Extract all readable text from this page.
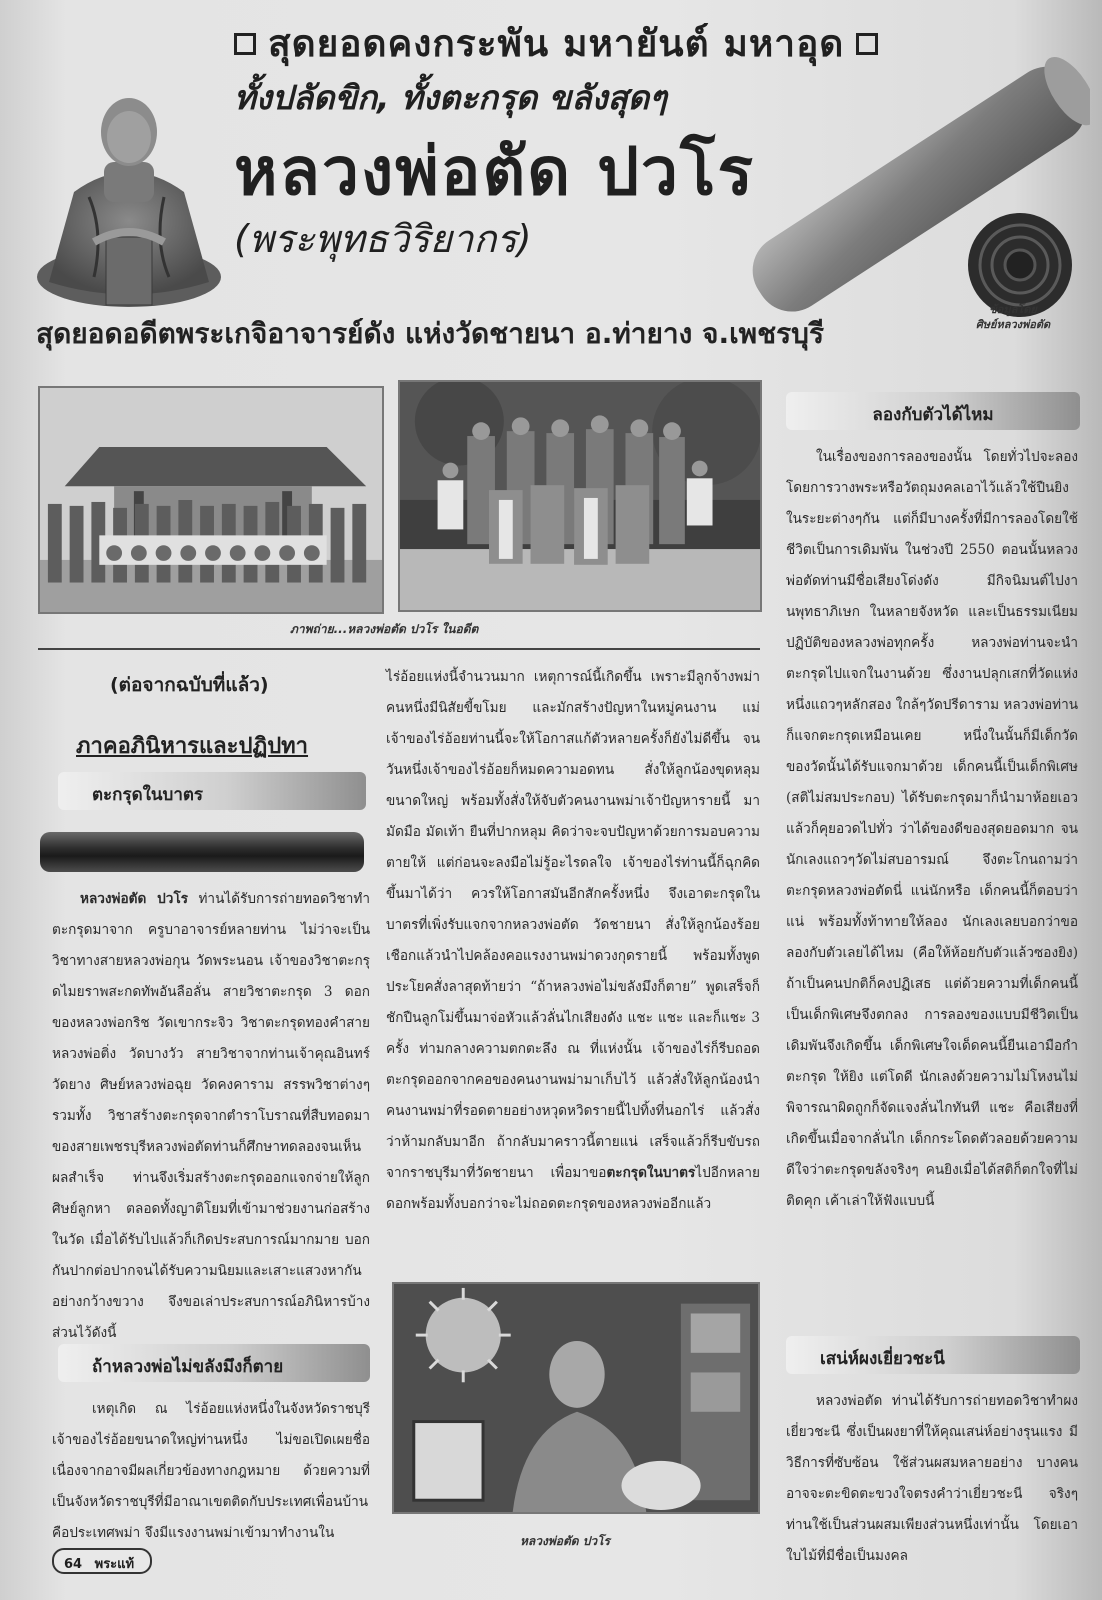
สุดยอดคงกระพัน มหายันต์ มหาอุด
ทั้งปลัดขิก, ทั้งตะกรุด ขลังสุดๆ
หลวงพ่อตัด ปวโร
(พระพุทธวิริยากร)
สุดยอดอดีตพระเกจิอาจารย์ดัง แห่งวัดชายนา อ.ท่ายาง จ.เพชรบุรี
ข้อมูลโดย
ศิษย์หลวงพ่อตัด
ภาพถ่าย...หลวงพ่อตัด ปวโร ในอดีต
ลองกับตัวได้ไหม
(ต่อจากฉบับที่แล้ว)
ภาคอภินิหารและปฏิปทา
ตะกรุดในบาตร
หลวงพ่อตัด ปวโร ท่านได้รับการถ่ายทอดวิชาทำตะกรุดมาจาก ครูบาอาจารย์หลายท่าน ไม่ว่าจะเป็นวิชาทางสายหลวงพ่อกุน วัดพระนอน เจ้าของวิชาตะกรุดไมยราพสะกดทัพอันลือลั่น สายวิชาตะกรุด 3 ดอก ของหลวงพ่อกริช วัดเขากระจิว วิชาตะกรุดทองคำสายหลวงพ่อติ่ง วัดบางวัว สายวิชาจากท่านเจ้าคุณอินทร์ วัดยาง ศิษย์หลวงพ่อฉุย วัดคงคาราม สรรพวิชาต่างๆรวมทั้ง วิชาสร้างตะกรุดจากตำราโบราณที่สืบทอดมาของสายเพชรบุรีหลวงพ่อตัดท่านก็ศึกษาทดลองจนเห็นผลสำเร็จ ท่านจึงเริ่มสร้างตะกรุดออกแจกจ่ายให้ลูกศิษย์ลูกหา ตลอดทั้งญาติโยมที่เข้ามาช่วยงานก่อสร้างในวัด เมื่อได้รับไปแล้วก็เกิดประสบการณ์มากมาย บอกกันปากต่อปากจนได้รับความนิยมและเสาะแสวงหากันอย่างกว้างขวาง จึงขอเล่าประสบการณ์อภินิหารบ้างส่วนไว้ดังนี้
ถ้าหลวงพ่อไม่ขลังมึงก็ตาย
เหตุเกิด ณ ไร่อ้อยแห่งหนึ่งในจังหวัดราชบุรี เจ้าของไร่อ้อยขนาดใหญ่ท่านหนึ่ง ไม่ขอเปิดเผยชื่อ เนื่องจากอาจมีผลเกี่ยวข้องทางกฎหมาย ด้วยความที่เป็นจังหวัดราชบุรีที่มีอาณาเขตติดกับประเทศเพื่อนบ้านคือประเทศพม่า จึงมีแรงงานพม่าเข้ามาทำงานใน
ไร่อ้อยแห่งนี้จำนวนมาก เหตุการณ์นี้เกิดขึ้น เพราะมีลูกจ้างพม่าคนหนึ่งมีนิสัยขี้ขโมย และมักสร้างปัญหาในหมู่คนงาน แม่เจ้าของไร่อ้อยท่านนี้จะให้โอกาสแก้ตัวหลายครั้งก็ยังไม่ดีขึ้น จนวันหนึ่งเจ้าของไร่อ้อยก็หมดความอดทน สั่งให้ลูกน้องขุดหลุมขนาดใหญ่ พร้อมทั้งสั่งให้จับตัวคนงานพม่าเจ้าปัญหารายนี้ มามัดมือ มัดเท้า ยืนที่ปากหลุม คิดว่าจะจบปัญหาด้วยการมอบความตายให้ แต่ก่อนจะลงมือไม่รู้อะไรดลใจ เจ้าของไร่ท่านนี้ก็ฉุกคิดขึ้นมาได้ว่า ควรให้โอกาสมันอีกสักครั้งหนึ่ง จึงเอาตะกรุดในบาตรที่เพิ่งรับแจกจากหลวงพ่อตัด วัดชายนา สั่งให้ลูกน้องร้อยเชือกแล้วนำไปคล้องคอแรงงานพม่าดวงกุดรายนี้ พร้อมทั้งพูดประโยคสั่งลาสุดท้ายว่า “ถ้าหลวงพ่อไม่ขลังมึงก็ตาย” พูดเสร็จก็ชักปืนลูกโม่ขึ้นมาจ่อหัวแล้วลั่นไกเสียงดัง แชะ แชะ และก็แชะ 3 ครั้ง ท่ามกลางความตกตะลึง ณ ที่แห่งนั้น เจ้าของไร่ก็รีบถอดตะกรุดออกจากคอของคนงานพม่ามาเก็บไว้ แล้วสั่งให้ลูกน้องนำคนงานพม่าที่รอดตายอย่างหวุดหวิดรายนี้ไปทิ้งที่นอกไร่ แล้วสั่งว่าห้ามกลับมาอีก ถ้ากลับมาคราวนี้ตายแน่ เสร็จแล้วก็รีบขับรถจากราชบุรีมาที่วัดชายนา เพื่อมาขอตะกรุดในบาตรไปอีกหลายดอกพร้อมทั้งบอกว่าจะไม่ถอดตะกรุดของหลวงพ่ออีกแล้ว
หลวงพ่อตัด ปวโร
ในเรื่องของการลองของนั้น โดยทั่วไปจะลองโดยการวางพระหรือวัตถุมงคลเอาไว้แล้วใช้ปืนยิงในระยะต่างๆกัน แต่ก็มีบางครั้งที่มีการลองโดยใช้ชีวิตเป็นการเดิมพัน ในช่วงปี 2550 ตอนนั้นหลวงพ่อตัดท่านมีชื่อเสียงโด่งดัง มีกิจนิมนต์ไปงานพุทธาภิเษก ในหลายจังหวัด และเป็นธรรมเนียมปฏิบัติของหลวงพ่อทุกครั้ง หลวงพ่อท่านจะนำตะกรุดไปแจกในงานด้วย ซึ่งงานปลุกเสกที่วัดแห่งหนึ่งแถวๆหลักสอง ใกล้ๆวัดปรีดาราม หลวงพ่อท่านก็แจกตะกรุดเหมือนเคย หนึ่งในนั้นก็มีเด็กวัดของวัดนั้นได้รับแจกมาด้วย เด็กคนนี้เป็นเด็กพิเศษ (สติไม่สมประกอบ) ได้รับตะกรุดมาก็นำมาห้อยเอว แล้วก็คุยอวดไปทั่ว ว่าได้ของดีของสุดยอดมาก จนนักเลงแถวๆวัดไม่สบอารมณ์ จึงตะโกนถามว่าตะกรุดหลวงพ่อตัดนี่ แน่นักหรือ เด็กคนนี้ก็ตอบว่าแน่ พร้อมทั้งท้าทายให้ลอง นักเลงเลยบอกว่าขอลองกับตัวเลยได้ไหม (คือให้ห้อยกับตัวแล้วซองยิง) ถ้าเป็นคนปกติก็คงปฏิเสธ แต่ด้วยความที่เด็กคนนี้เป็นเด็กพิเศษจึงตกลง การลองของแบบมีชีวิตเป็นเดิมพันจึงเกิดขึ้น เด็กพิเศษใจเด็ดคนนี้ยืนเอามือกำตะกรุด ให้ยิง แต่โดดี นักเลงด้วยความไม่โหงนไม่พิจารณาผิดถูกก็จัดแจงลั่นไกทันที แชะ คือเสียงที่เกิดขึ้นเมื่อจากลั่นไก เด็กกระโดดตัวลอยด้วยความดีใจว่าตะกรุดขลังจริงๆ คนยิงเมื่อได้สติก็ตกใจที่ไม่ติดคุก เค้าเล่าให้ฟังแบบนี้
เสน่ห์ผงเยี่ยวชะนี
หลวงพ่อตัด ท่านได้รับการถ่ายทอดวิชาทำผงเยี่ยวชะนี ซึ่งเป็นผงยาที่ให้คุณเสน่ห์อย่างรุนแรง มีวิธีการที่ซับซ้อน ใช้ส่วนผสมหลายอย่าง บางคนอาจจะตะขิดตะขวงใจตรงคำว่าเยี่ยวชะนี จริงๆท่านใช้เป็นส่วนผสมเพียงส่วนหนึ่งเท่านั้น โดยเอาใบไม้ที่มีชื่อเป็นมงคล
64 พระแท้
